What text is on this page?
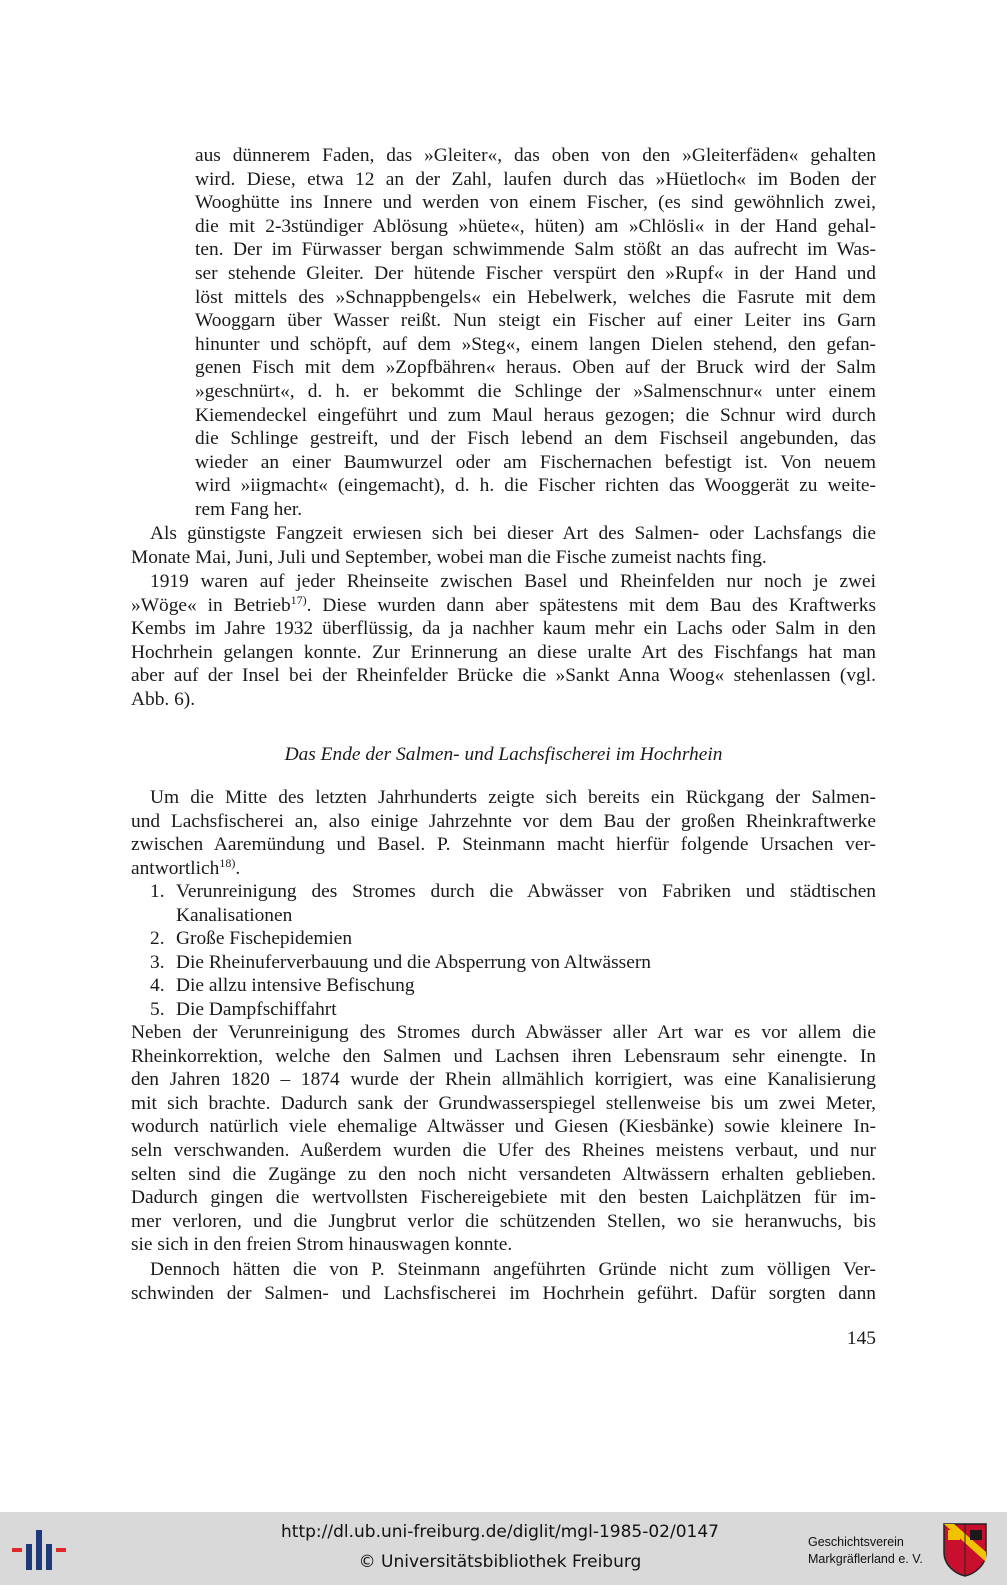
aus dünnerem Faden, das »Gleiter«, das oben von den »Gleiterfäden« gehalten
wird. Diese, etwa 12 an der Zahl, laufen durch das »Hüetloch« im Boden der
Wooghütte ins Innere und werden von einem Fischer, (es sind gewöhnlich zwei,
die mit 2-3stündiger Ablösung »hüete«, hüten) am »Chlösli« in der Hand gehal-
ten. Der im Fürwasser bergan schwimmende Salm stößt an das aufrecht im Was-
ser stehende Gleiter. Der hütende Fischer verspürt den »Rupf« in der Hand und
löst mittels des »Schnappbengels« ein Hebelwerk, welches die Fasrute mit dem
Wooggarn über Wasser reißt. Nun steigt ein Fischer auf einer Leiter ins Garn
hinunter und schöpft, auf dem »Steg«, einem langen Dielen stehend, den gefan-
genen Fisch mit dem »Zopfbähren« heraus. Oben auf der Bruck wird der Salm
»geschnürt«, d. h. er bekommt die Schlinge der »Salmenschnur« unter einem
Kiemendeckel eingeführt und zum Maul heraus gezogen; die Schnur wird durch
die Schlinge gestreift, und der Fisch lebend an dem Fischseil angebunden, das
wieder an einer Baumwurzel oder am Fischernachen befestigt ist. Von neuem
wird »iigmacht« (eingemacht), d. h. die Fischer richten das Wooggerät zu weite-
rem Fang her.
Als günstigste Fangzeit erwiesen sich bei dieser Art des Salmen- oder Lachsfangs die
Monate Mai, Juni, Juli und September, wobei man die Fische zumeist nachts fing.
1919 waren auf jeder Rheinseite zwischen Basel und Rheinfelden nur noch je zwei
»Wöge« in Betrieb$^{17)}$. Diese wurden dann aber spätestens mit dem Bau des Kraftwerks
Kembs im Jahre 1932 überflüssig, da ja nachher kaum mehr ein Lachs oder Salm in den
Hochrhein gelangen konnte. Zur Erinnerung an diese uralte Art des Fischfangs hat man
aber auf der Insel bei der Rheinfelder Brücke die »Sankt Anna Woog« stehenlassen (vgl.
Abb. 6).
Das Ende der Salmen- und Lachsfischerei im Hochrhein
Um die Mitte des letzten Jahrhunderts zeigte sich bereits ein Rückgang der Salmen-
und Lachsfischerei an, also einige Jahrzehnte vor dem Bau der großen Rheinkraftwerke
zwischen Aaremündung und Basel. P. Steinmann macht hierfür folgende Ursachen ver-
antwortlich$^{18)}$.
1. Verunreinigung des Stromes durch die Abwässer von Fabriken und städtischen
Kanalisationen
2. Große Fischepidemien
3. Die Rheinuferverbauung und die Absperrung von Altwässern
4. Die allzu intensive Befischung
5. Die Dampfschiffahrt
Neben der Verunreinigung des Stromes durch Abwässer aller Art war es vor allem die
Rheinkorrektion, welche den Salmen und Lachsen ihren Lebensraum sehr einengte. In
den Jahren 1820 – 1874 wurde der Rhein allmählich korrigiert, was eine Kanalisierung
mit sich brachte. Dadurch sank der Grundwasserspiegel stellenweise bis um zwei Meter,
wodurch natürlich viele ehemalige Altwässer und Giesen (Kiesbänke) sowie kleinere In-
seln verschwanden. Außerdem wurden die Ufer des Rheines meistens verbaut, und nur
selten sind die Zugänge zu den noch nicht versandeten Altwässern erhalten geblieben.
Dadurch gingen die wertvollsten Fischereigebiete mit den besten Laichplätzen für im-
mer verloren, und die Jungbrut verlor die schützenden Stellen, wo sie heranwuchs, bis
sie sich in den freien Strom hinauswagen konnte.
Dennoch hätten die von P. Steinmann angeführten Gründe nicht zum völligen Ver-
schwinden der Salmen- und Lachsfischerei im Hochrhein geführt. Dafür sorgten dann
145
http://dl.ub.uni-freiburg.de/diglit/mgl-1985-02/0147
© Universitätsbibliothek Freiburg
Geschichtsverein
Markgräflerland e. V.
